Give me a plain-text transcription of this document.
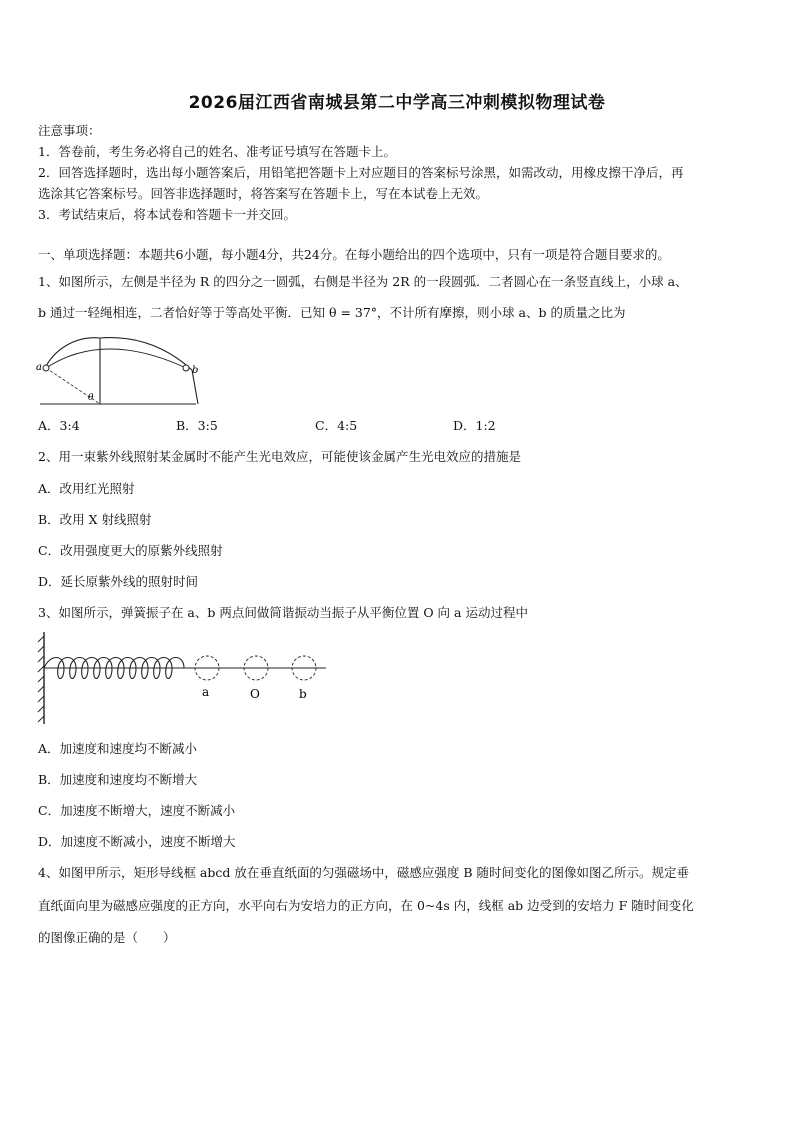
2026届江西省南城县第二中学高三冲刺模拟物理试卷
注意事项：
1．答卷前，考生务必将自己的姓名、准考证号填写在答题卡上。
2．回答选择题时，选出每小题答案后，用铅笔把答题卡上对应题目的答案标号涂黑，如需改动，用橡皮擦干净后，再
选涂其它答案标号。回答非选择题时，将答案写在答题卡上，写在本试卷上无效。
3．考试结束后，将本试卷和答题卡一并交回。
一、单项选择题：本题共6小题，每小题4分，共24分。在每小题给出的四个选项中，只有一项是符合题目要求的。
1、如图所示，左侧是半径为 R 的四分之一圆弧，右侧是半径为 2R 的一段圆弧．二者圆心在一条竖直线上，小球 a、
b 通过一轻绳相连，二者恰好等于等高处平衡．已知 θ = 37°，不计所有摩擦，则小球 a、b 的质量之比为
a	b
θ
A．3:4	B．3:5	C．4:5	D．1:2
2、用一束紫外线照射某金属时不能产生光电效应，可能使该金属产生光电效应的措施是
A．改用红光照射
B．改用 X 射线照射
C．改用强度更大的原紫外线照射
D．延长原紫外线的照射时间
3、如图所示，弹簧振子在 a、b 两点间做简谐振动当振子从平衡位置 O 向 a 运动过程中
a	O	b
A．加速度和速度均不断减小
B．加速度和速度均不断增大
C．加速度不断增大，速度不断减小
D．加速度不断减小，速度不断增大
4、如图甲所示，矩形导线框 abcd 放在垂直纸面的匀强磁场中，磁感应强度 B 随时间变化的图像如图乙所示。规定垂
直纸面向里为磁感应强度的正方向，水平向右为安培力的正方向，在 0~4s 内，线框 ab 边受到的安培力 F 随时间变化
的图像正确的是（　　）
